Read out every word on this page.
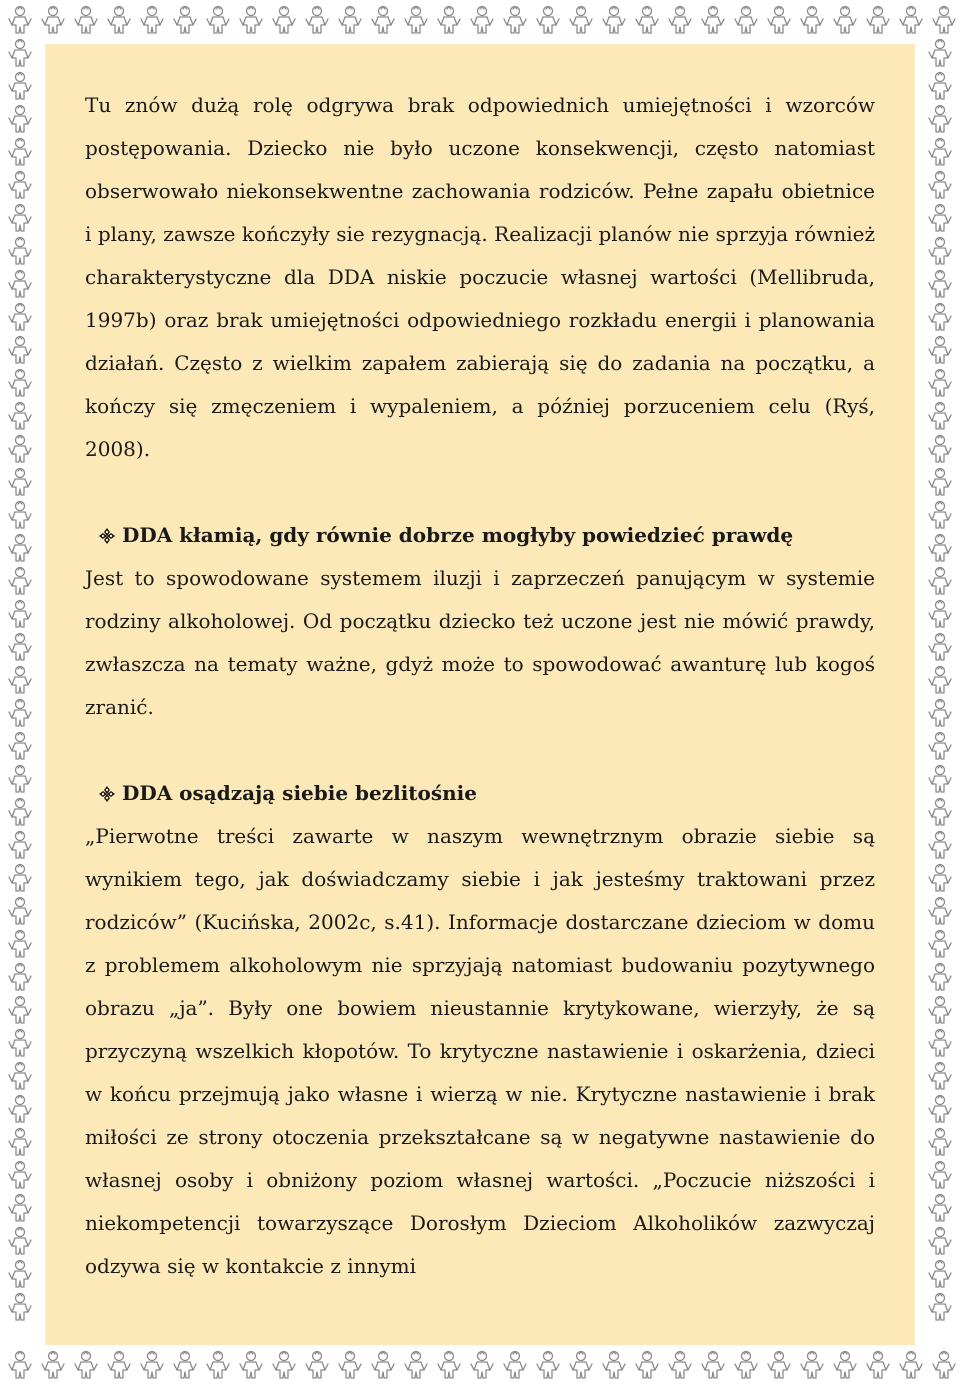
Tu znów dużą rolę odgrywa brak odpowiednich umiejętności i wzorców postępowania. Dziecko nie było uczone konsekwencji, często natomiast obserwowało niekonsekwentne zachowania rodziców. Pełne zapału obietnice i plany, zawsze kończyły sie rezygnacją. Realizacji planów nie sprzyja również charakterystyczne dla DDA niskie poczucie własnej wartości (Mellibruda, 1997b) oraz brak umiejętności odpowiedniego rozkładu energii i planowania działań. Często z wielkim zapałem zabierają się do zadania na początku, a kończy się zmęczeniem i wypaleniem, a później porzuceniem celu (Ryś, 2008).

DDA kłamią, gdy równie dobrze mogłyby powiedzieć prawdę

Jest to spowodowane systemem iluzji i zaprzeczeń panującym w systemie rodziny alkoholowej. Od początku dziecko też uczone jest nie mówić prawdy, zwłaszcza na tematy ważne, gdyż może to spowodować awanturę lub kogoś zranić.

DDA osądzają siebie bezlitośnie

„Pierwotne treści zawarte w naszym wewnętrznym obrazie siebie są wynikiem tego, jak doświadczamy siebie i jak jesteśmy traktowani przez rodziców” (Kucińska, 2002c, s.41). Informacje dostarczane dzieciom w domu z problemem alkoholowym nie sprzyjają natomiast budowaniu pozytywnego obrazu „ja”. Były one bowiem nieustannie krytykowane, wierzyły, że są przyczyną wszelkich kłopotów. To krytyczne nastawienie i oskarżenia, dzieci w końcu przejmują jako własne i wierzą w nie. Krytyczne nastawienie i brak miłości ze strony otoczenia przekształcane są w negatywne nastawienie do własnej osoby i obniżony poziom własnej wartości. „Poczucie niższości i niekompetencji towarzyszące Dorosłym Dzieciom Alkoholików zazwyczaj odzywa się w kontakcie z innymi
